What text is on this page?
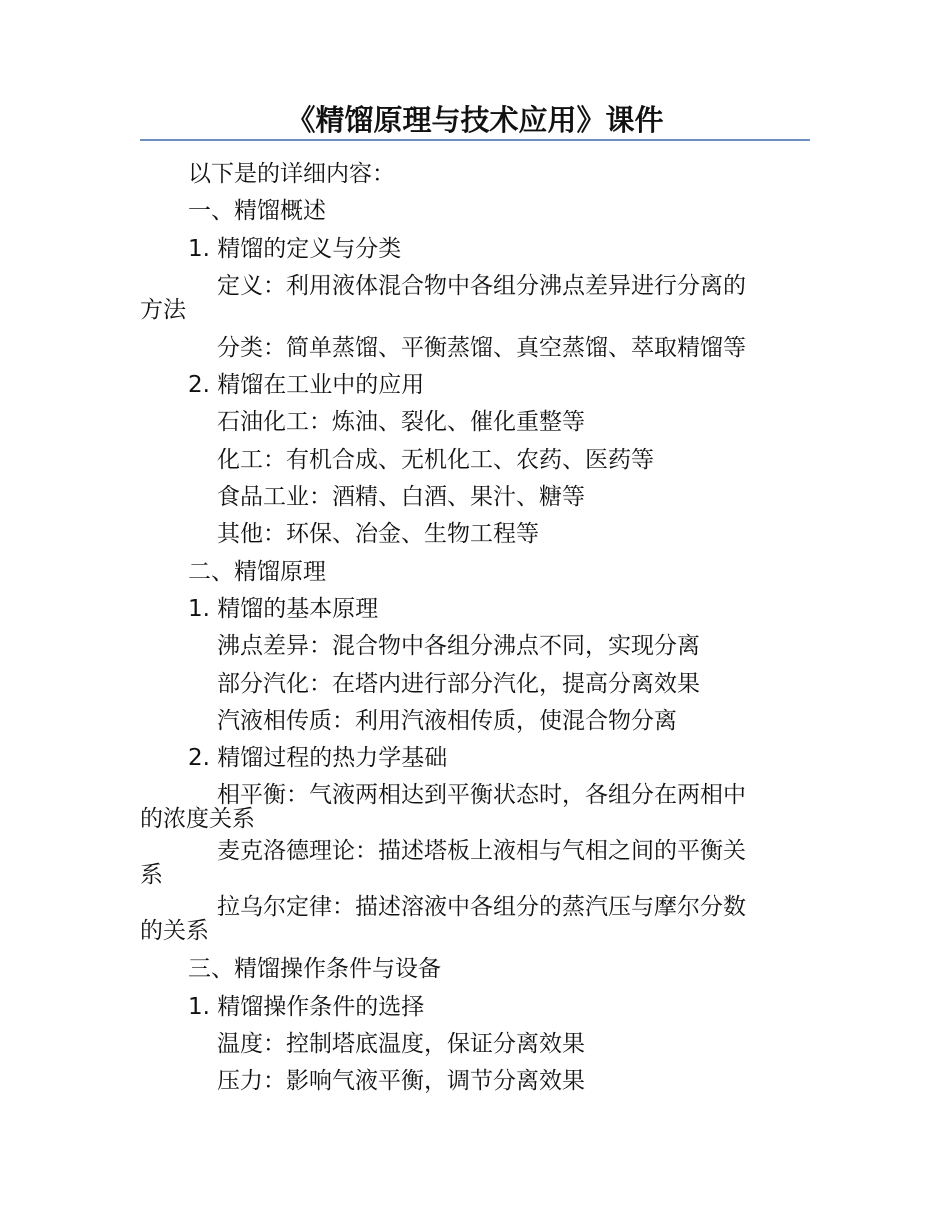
《精馏原理与技术应用》课件
以下是的详细内容：
一、精馏概述
1. 精馏的定义与分类
定义：利用液体混合物中各组分沸点差异进行分离的
方法
分类：简单蒸馏、平衡蒸馏、真空蒸馏、萃取精馏等
2. 精馏在工业中的应用
石油化工：炼油、裂化、催化重整等
化工：有机合成、无机化工、农药、医药等
食品工业：酒精、白酒、果汁、糖等
其他：环保、冶金、生物工程等
二、精馏原理
1. 精馏的基本原理
沸点差异：混合物中各组分沸点不同，实现分离
部分汽化：在塔内进行部分汽化，提高分离效果
汽液相传质：利用汽液相传质，使混合物分离
2. 精馏过程的热力学基础
相平衡：气液两相达到平衡状态时，各组分在两相中
的浓度关系
麦克洛德理论：描述塔板上液相与气相之间的平衡关
系
拉乌尔定律：描述溶液中各组分的蒸汽压与摩尔分数
的关系
三、精馏操作条件与设备
1. 精馏操作条件的选择
温度：控制塔底温度，保证分离效果
压力：影响气液平衡，调节分离效果
